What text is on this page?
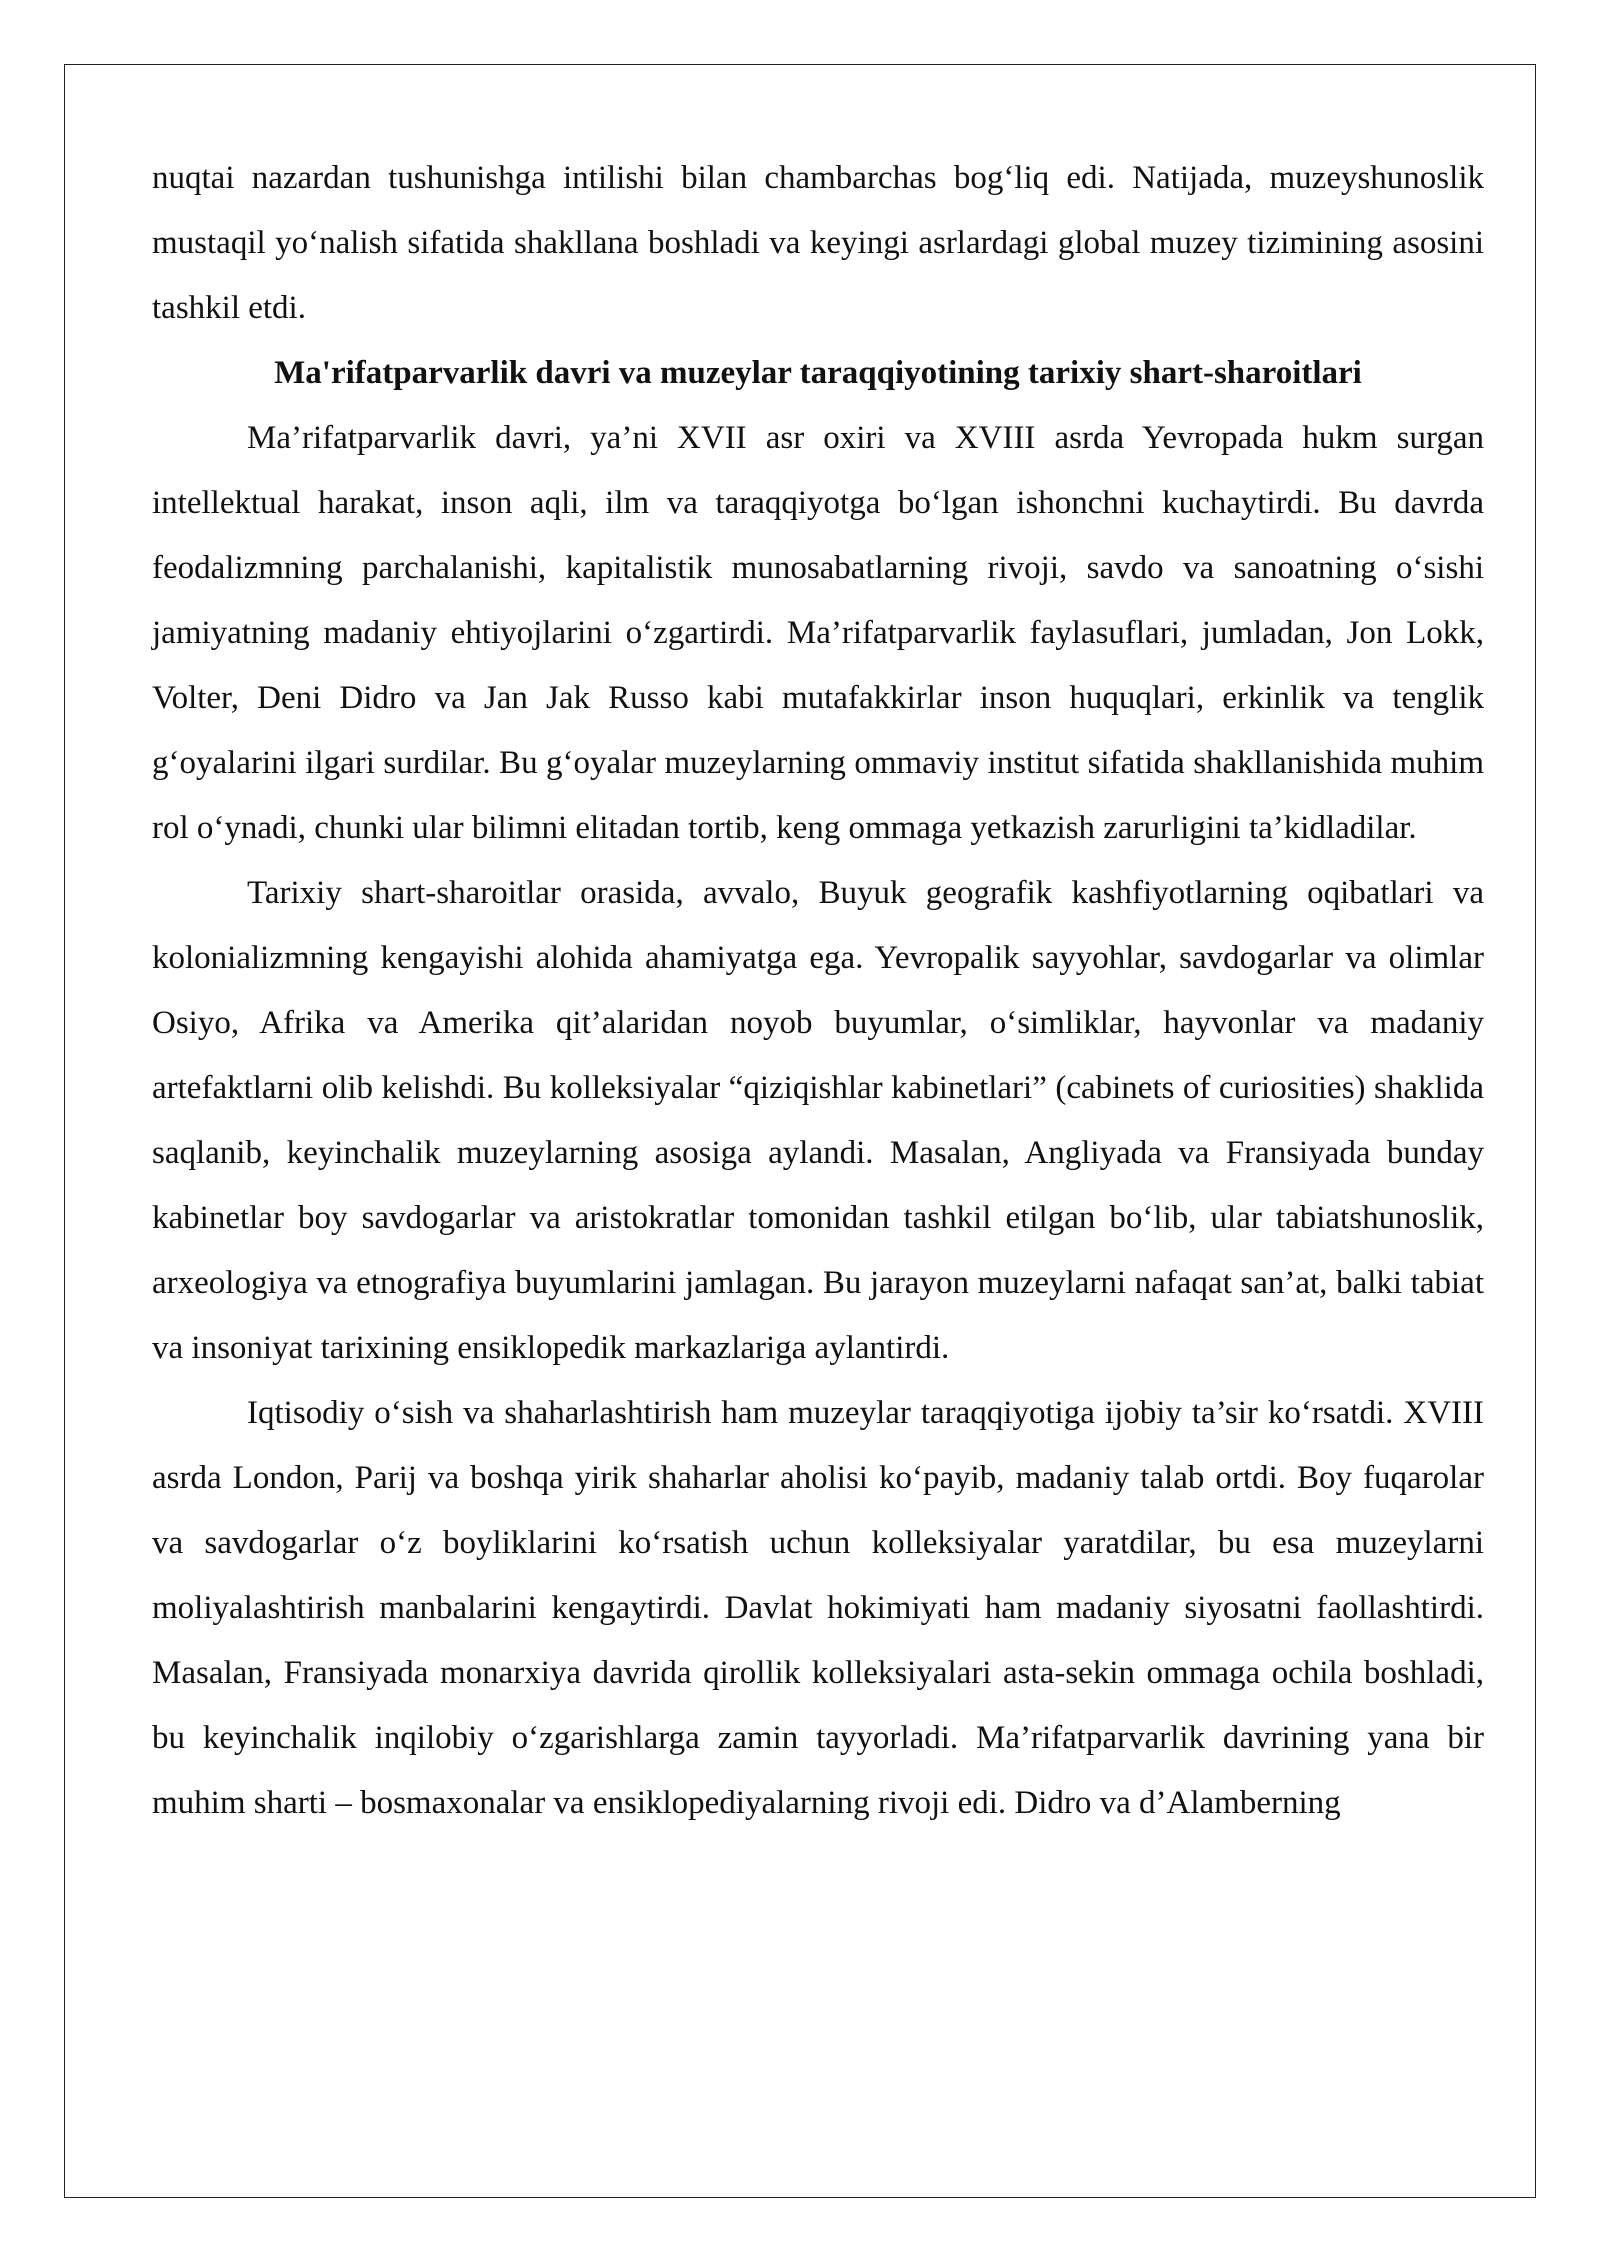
nuqtai nazardan tushunishga intilishi bilan chambarchas bog‘liq edi. Natijada, muzeyshunoslik mustaqil yo‘nalish sifatida shakllana boshladi va keyingi asrlardagi global muzey tizimining asosini tashkil etdi.

Ma'rifatparvarlik davri va muzeylar taraqqiyotining tarixiy shart-sharoitlari

Ma’rifatparvarlik davri, ya’ni XVII asr oxiri va XVIII asrda Yevropada hukm surgan intellektual harakat, inson aqli, ilm va taraqqiyotga bo‘lgan ishonchni kuchaytirdi. Bu davrda feodalizmning parchalanishi, kapitalistik munosabatlarning rivoji, savdo va sanoatning o‘sishi jamiyatning madaniy ehtiyojlarini o‘zgartirdi. Ma’rifatparvarlik faylasuflari, jumladan, Jon Lokk, Volter, Deni Didro va Jan Jak Russo kabi mutafakkirlar inson huquqlari, erkinlik va tenglik g‘oyalarini ilgari surdilar. Bu g‘oyalar muzeylarning ommaviy institut sifatida shakllanishida muhim rol o‘ynadi, chunki ular bilimni elitadan tortib, keng ommaga yetkazish zarurligini ta’kidladilar.

Tarixiy shart-sharoitlar orasida, avvalo, Buyuk geografik kashfiyotlarning oqibatlari va kolonializmning kengayishi alohida ahamiyatga ega. Yevropalik sayyohlar, savdogarlar va olimlar Osiyo, Afrika va Amerika qit’alaridan noyob buyumlar, o‘simliklar, hayvonlar va madaniy artefaktlarni olib kelishdi. Bu kolleksiyalar “qiziqishlar kabinetlari” (cabinets of curiosities) shaklida saqlanib, keyinchalik muzeylarning asosiga aylandi. Masalan, Angliyada va Fransiyada bunday kabinetlar boy savdogarlar va aristokratlar tomonidan tashkil etilgan bo‘lib, ular tabiatshunoslik, arxeologiya va etnografiya buyumlarini jamlagan. Bu jarayon muzeylarni nafaqat san’at, balki tabiat va insoniyat tarixining ensiklopedik markazlariga aylantirdi.

Iqtisodiy o‘sish va shaharlashtirish ham muzeylar taraqqiyotiga ijobiy ta’sir ko‘rsatdi. XVIII asrda London, Parij va boshqa yirik shaharlar aholisi ko‘payib, madaniy talab ortdi. Boy fuqarolar va savdogarlar o‘z boyliklarini ko‘rsatish uchun kolleksiyalar yaratdilar, bu esa muzeylarni moliyalashtirish manbalarini kengaytirdi. Davlat hokimiyati ham madaniy siyosatni faollashtirdi. Masalan, Fransiyada monarxiya davrida qirollik kolleksiyalari asta-sekin ommaga ochila boshladi, bu keyinchalik inqilobiy o‘zgarishlarga zamin tayyorladi. Ma’rifatparvarlik davrining yana bir muhim sharti – bosmaxonalar va ensiklopediyalarning rivoji edi. Didro va d’Alamberning
